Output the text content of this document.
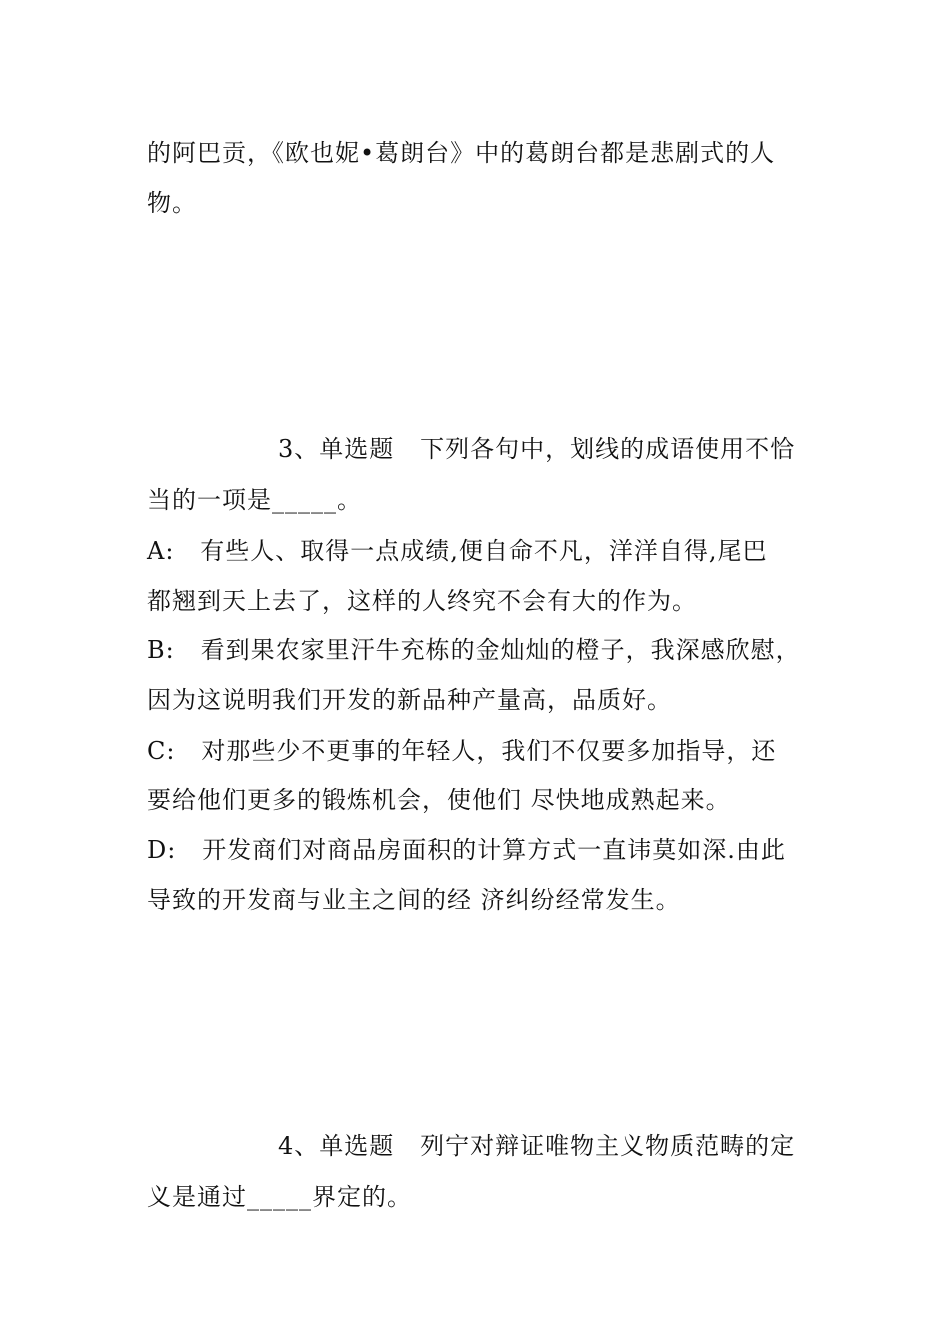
的阿巴贡，《欧也妮•葛朗台》中的葛朗台都是悲剧式的人
物。
3、单选题   下列各句中，划线的成语使用不恰
当的一项是_____。
A:   有些人、取得一点成绩,便自命不凡，洋洋自得,尾巴
都翘到天上去了，这样的人终究不会有大的作为。
B:   看到果农家里汗牛充栋的金灿灿的橙子，我深感欣慰，
因为这说明我们开发的新品种产量高，品质好。
C:   对那些少不更事的年轻人，我们不仅要多加指导，还
要给他们更多的锻炼机会，使他们 尽快地成熟起来。
D:   开发商们对商品房面积的计算方式一直讳莫如深.由此
导致的开发商与业主之间的经 济纠纷经常发生。
4、单选题   列宁对辩证唯物主义物质范畴的定
义是通过_____界定的。
